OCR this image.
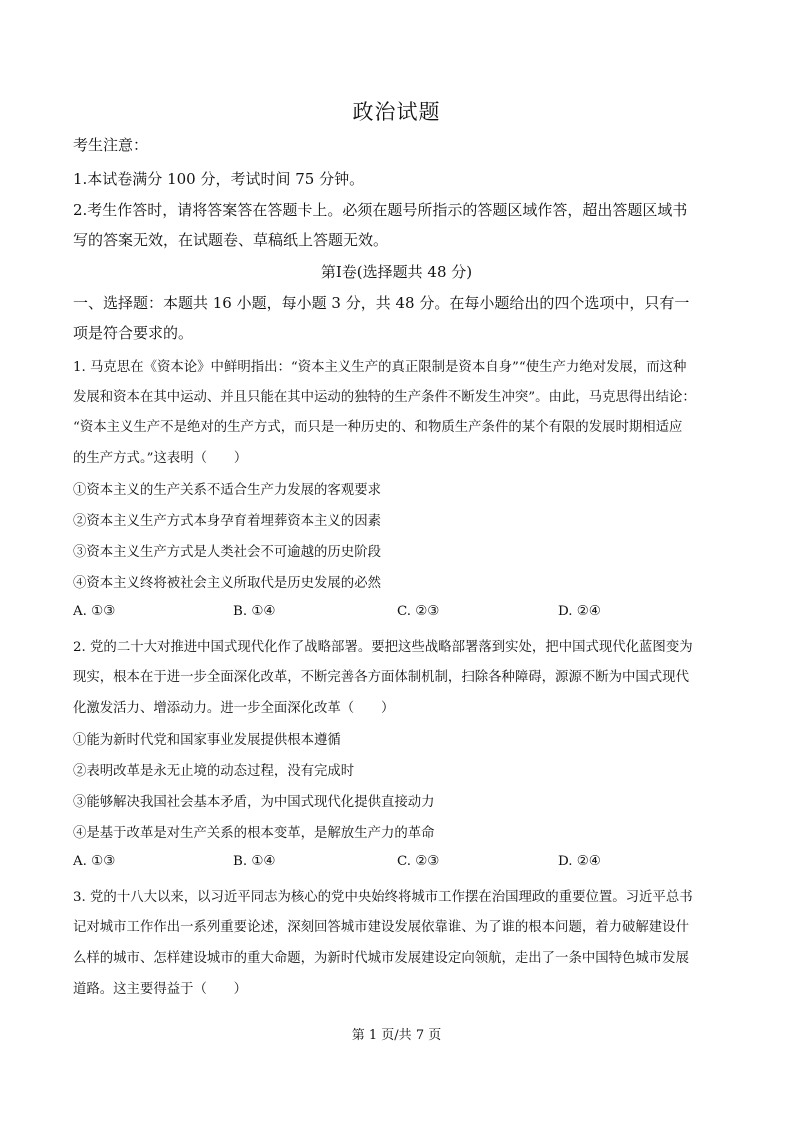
政治试题
考生注意：
1.本试卷满分 100 分，考试时间 75 分钟。
2.考生作答时，请将答案答在答题卡上。必须在题号所指示的答题区域作答，超出答题区域书
写的答案无效，在试题卷、草稿纸上答题无效。
第Ⅰ卷(选择题共 48 分)
一、选择题：本题共 16 小题，每小题 3 分，共 48 分。在每小题给出的四个选项中，只有一
项是符合要求的。
1. 马克思在《资本论》中鲜明指出：“资本主义生产的真正限制是资本自身”“使生产力绝对发展，而这种
发展和资本在其中运动、并且只能在其中运动的独特的生产条件不断发生冲突”。由此，马克思得出结论：
“资本主义生产不是绝对的生产方式，而只是一种历史的、和物质生产条件的某个有限的发展时期相适应
的生产方式。”这表明（　　）
①资本主义的生产关系不适合生产力发展的客观要求
②资本主义生产方式本身孕育着埋葬资本主义的因素
③资本主义生产方式是人类社会不可逾越的历史阶段
④资本主义终将被社会主义所取代是历史发展的必然
A. ①③	B. ①④	C. ②③	D. ②④
2. 党的二十大对推进中国式现代化作了战略部署。要把这些战略部署落到实处，把中国式现代化蓝图变为
现实，根本在于进一步全面深化改革，不断完善各方面体制机制，扫除各种障碍，源源不断为中国式现代
化激发活力、增添动力。进一步全面深化改革（　　）
①能为新时代党和国家事业发展提供根本遵循
②表明改革是永无止境的动态过程，没有完成时
③能够解决我国社会基本矛盾，为中国式现代化提供直接动力
④是基于改革是对生产关系的根本变革，是解放生产力的革命
A. ①③	B. ①④	C. ②③	D. ②④
3. 党的十八大以来，以习近平同志为核心的党中央始终将城市工作摆在治国理政的重要位置。习近平总书
记对城市工作作出一系列重要论述，深刻回答城市建设发展依靠谁、为了谁的根本问题，着力破解建设什
么样的城市、怎样建设城市的重大命题，为新时代城市发展建设定向领航，走出了一条中国特色城市发展
道路。这主要得益于（　　）
第 1 页/共 7 页
